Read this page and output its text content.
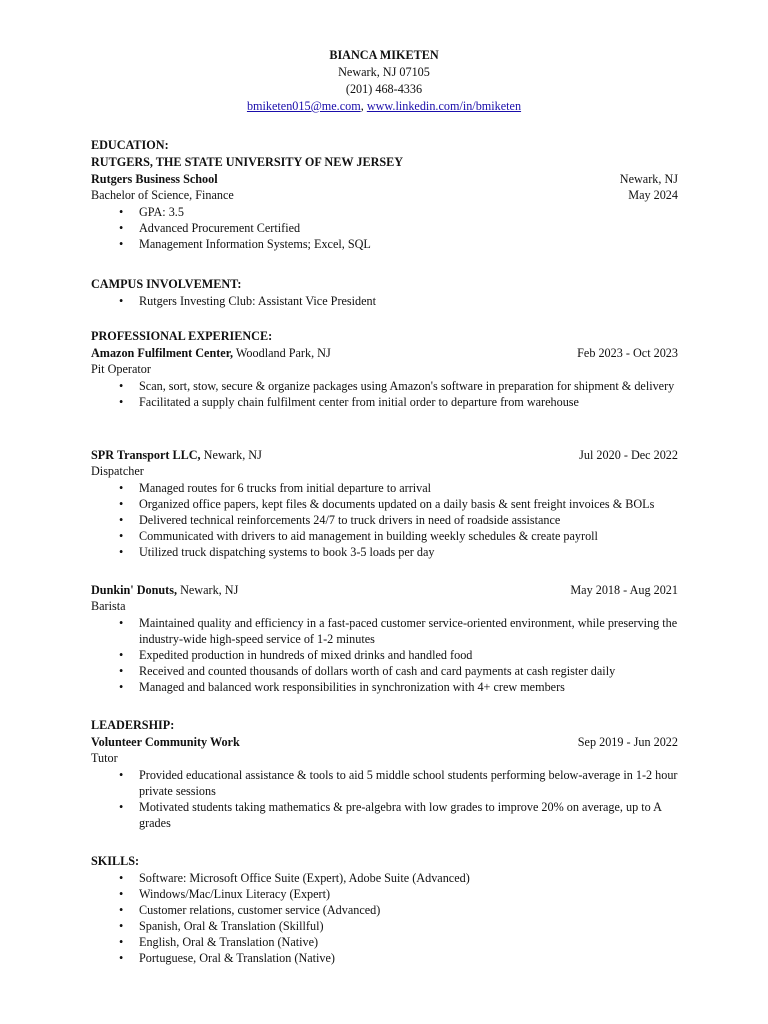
BIANCA MIKETEN
Newark, NJ 07105
(201) 468-4336
bmiketen015@me.com, www.linkedin.com/in/bmiketen
EDUCATION:
RUTGERS, THE STATE UNIVERSITY OF NEW JERSEY
Rutgers Business School	Newark, NJ
Bachelor of Science, Finance	May 2024
• GPA: 3.5
• Advanced Procurement Certified
• Management Information Systems; Excel, SQL
CAMPUS INVOLVEMENT:
• Rutgers Investing Club: Assistant Vice President
PROFESSIONAL EXPERIENCE:
Amazon Fulfilment Center, Woodland Park, NJ	Feb 2023 - Oct 2023
Pit Operator
• Scan, sort, stow, secure & organize packages using Amazon's software in preparation for shipment & delivery
• Facilitated a supply chain fulfilment center from initial order to departure from warehouse
SPR Transport LLC, Newark, NJ	Jul 2020 - Dec 2022
Dispatcher
• Managed routes for 6 trucks from initial departure to arrival
• Organized office papers, kept files & documents updated on a daily basis & sent freight invoices & BOLs
• Delivered technical reinforcements 24/7 to truck drivers in need of roadside assistance
• Communicated with drivers to aid management in building weekly schedules & create payroll
• Utilized truck dispatching systems to book 3-5 loads per day
Dunkin' Donuts, Newark, NJ	May 2018 - Aug 2021
Barista
• Maintained quality and efficiency in a fast-paced customer service-oriented environment, while preserving the industry-wide high-speed service of 1-2 minutes
• Expedited production in hundreds of mixed drinks and handled food
• Received and counted thousands of dollars worth of cash and card payments at cash register daily
• Managed and balanced work responsibilities in synchronization with 4+ crew members
LEADERSHIP:
Volunteer Community Work	Sep 2019 - Jun 2022
Tutor
• Provided educational assistance & tools to aid 5 middle school students performing below-average in 1-2 hour private sessions
• Motivated students taking mathematics & pre-algebra with low grades to improve 20% on average, up to A grades
SKILLS:
• Software: Microsoft Office Suite (Expert), Adobe Suite (Advanced)
• Windows/Mac/Linux Literacy (Expert)
• Customer relations, customer service (Advanced)
• Spanish, Oral & Translation (Skillful)
• English, Oral & Translation (Native)
• Portuguese, Oral & Translation (Native)
